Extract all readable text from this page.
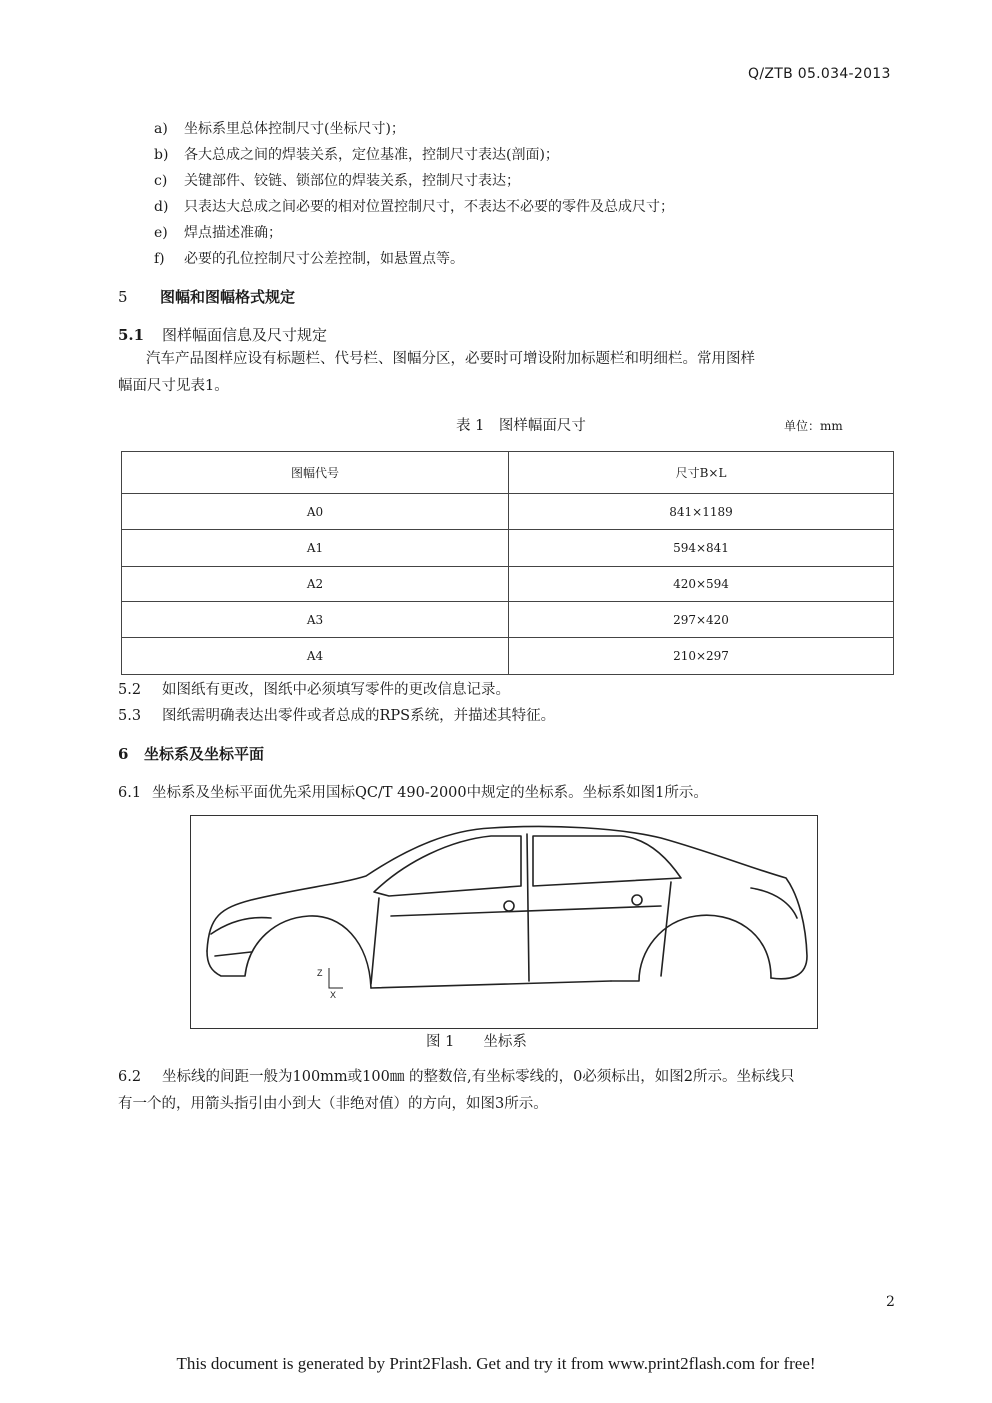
Q/ZTB 05.034-2013
a) 坐标系里总体控制尺寸(坐标尺寸)；
b) 各大总成之间的焊装关系，定位基准，控制尺寸表达(剖面)；
c) 关键部件、铰链、锁部位的焊装关系，控制尺寸表达；
d) 只表达大总成之间必要的相对位置控制尺寸，不表达不必要的零件及总成尺寸；
e) 焊点描述准确；
f) 必要的孔位控制尺寸公差控制，如悬置点等。
5 图幅和图幅格式规定
5.1 图样幅面信息及尺寸规定
汽车产品图样应设有标题栏、代号栏、图幅分区，必要时可增设附加标题栏和明细栏。常用图样
幅面尺寸见表1。
表 1　图样幅面尺寸	单位：mm
图幅代号	尺寸B×L
A0	841×1189
A1	594×841
A2	420×594
A3	297×420
A4	210×297
5.2 如图纸有更改，图纸中必须填写零件的更改信息记录。
5.3 图纸需明确表达出零件或者总成的RPS系统，并描述其特征。
6 坐标系及坐标平面
6.1 坐标系及坐标平面优先采用国标QC/T 490-2000中规定的坐标系。坐标系如图1所示。
Z
X
图 1　　坐标系
6.2 坐标线的间距一般为100mm或100㎜ 的整数倍,有坐标零线的，0必须标出，如图2所示。坐标线只
有一个的，用箭头指引由小到大（非绝对值）的方向，如图3所示。
2
This document is generated by Print2Flash. Get and try it from www.print2flash.com for free!
